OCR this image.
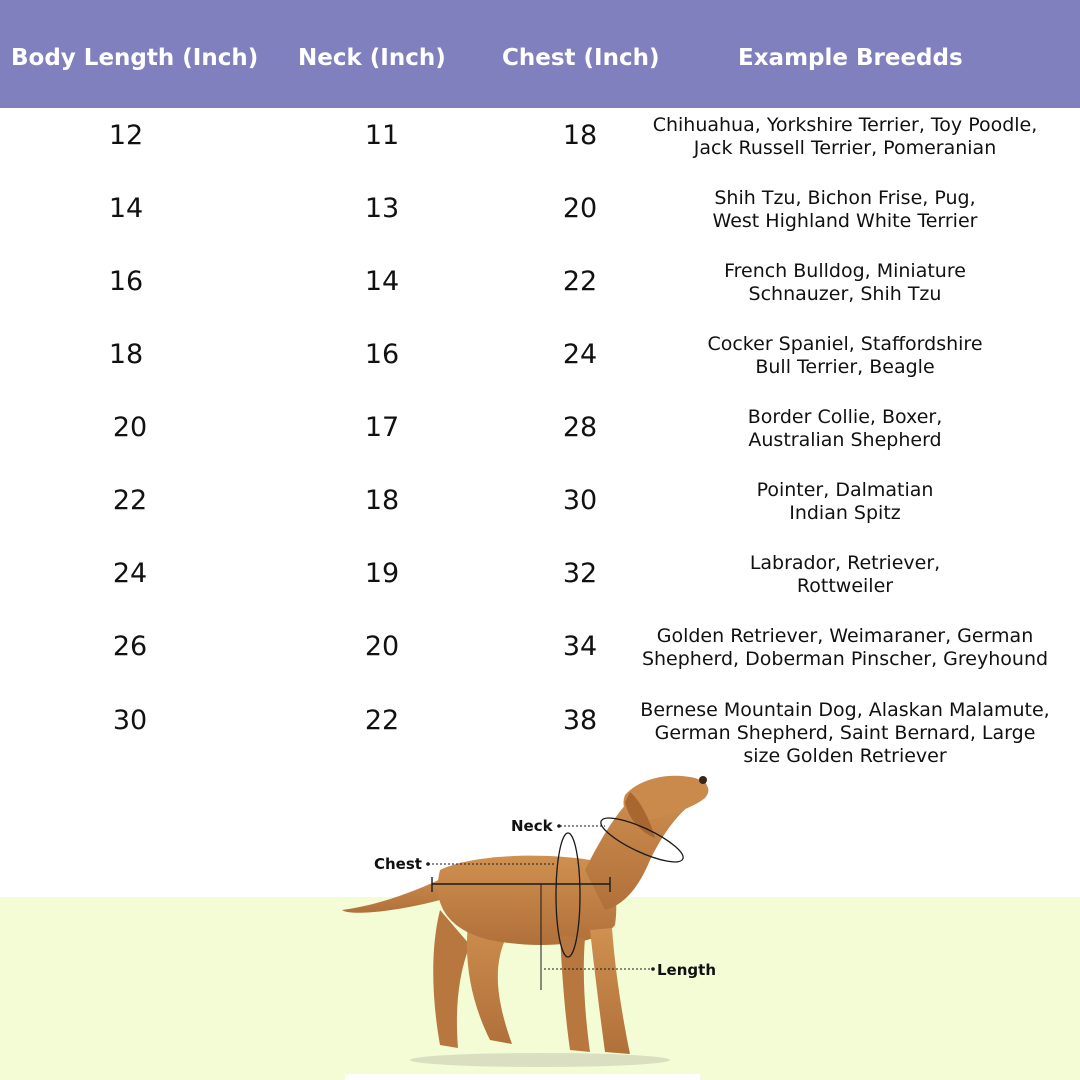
Body Length (Inch) Neck (Inch) Chest (Inch)	Example Breedds
12	11	18	Chihuahua, Yorkshire Terrier, Toy Poodle,
Jack Russell Terrier, Pomeranian
14	13	20	Shih Tzu, Bichon Frise, Pug,
West Highland White Terrier
16	14	22	French Bulldog, Miniature
Schnauzer, Shih Tzu
18	16	24	Cocker Spaniel, Staffordshire
Bull Terrier, Beagle
20	17	28	Border Collie, Boxer,
Australian Shepherd
22	18	30	Pointer, Dalmatian
Indian Spitz
24	19	32	Labrador, Retriever,
Rottweiler
26	20	34	Golden Retriever, Weimaraner, German
Shepherd, Doberman Pinscher, Greyhound
30	22	38	Bernese Mountain Dog, Alaskan Malamute,
German Shepherd, Saint Bernard, Large
size Golden Retriever
Neck
Chest
Length
